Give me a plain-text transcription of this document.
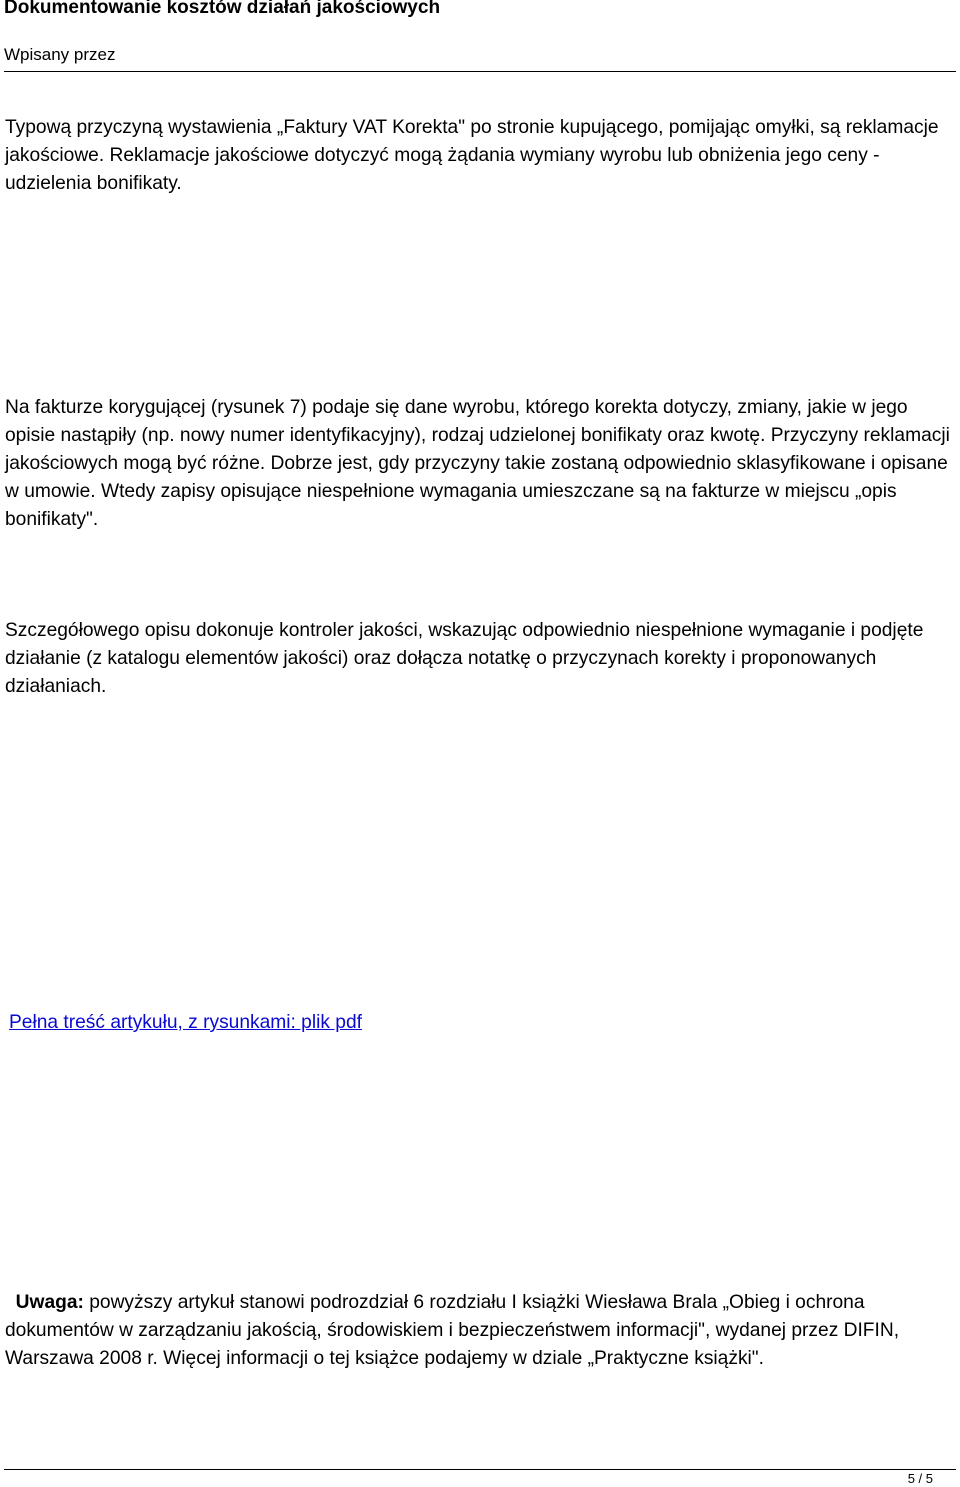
Dokumentowanie kosztów działań jakościowych
Wpisany przez

Typową przyczyną wystawienia „Faktury VAT Korekta" po stronie kupującego, pomijając omyłki, są reklamacje jakościowe. Reklamacje jakościowe dotyczyć mogą żądania wymiany wyrobu lub obniżenia jego ceny - udzielenia bonifikaty.

Na fakturze korygującej (rysunek 7) podaje się dane wyrobu, którego korekta dotyczy, zmiany, jakie w jego opisie nastąpiły (np. nowy numer identyfikacyjny), rodzaj udzielonej bonifikaty oraz kwotę. Przyczyny reklamacji jakościowych mogą być różne. Dobrze jest, gdy przyczyny takie zostaną odpowiednio sklasyfikowane i opisane w umowie. Wtedy zapisy opisujące niespełnione wymagania umieszczane są na fakturze w miejscu „opis bonifikaty".

Szczegółowego opisu dokonuje kontroler jakości, wskazując odpowiednio niespełnione wymaganie i podjęte działanie (z katalogu elementów jakości) oraz dołącza notatkę o przyczynach korekty i proponowanych działaniach.

Pełna treść artykułu, z rysunkami: plik pdf

Uwaga: powyższy artykuł stanowi podrozdział 6 rozdziału I książki Wiesława Brala „Obieg i ochrona dokumentów w zarządzaniu jakością, środowiskiem i bezpieczeństwem informacji", wydanej przez DIFIN, Warszawa 2008 r. Więcej informacji o tej książce podajemy w dziale „Praktyczne książki".

5 / 5
